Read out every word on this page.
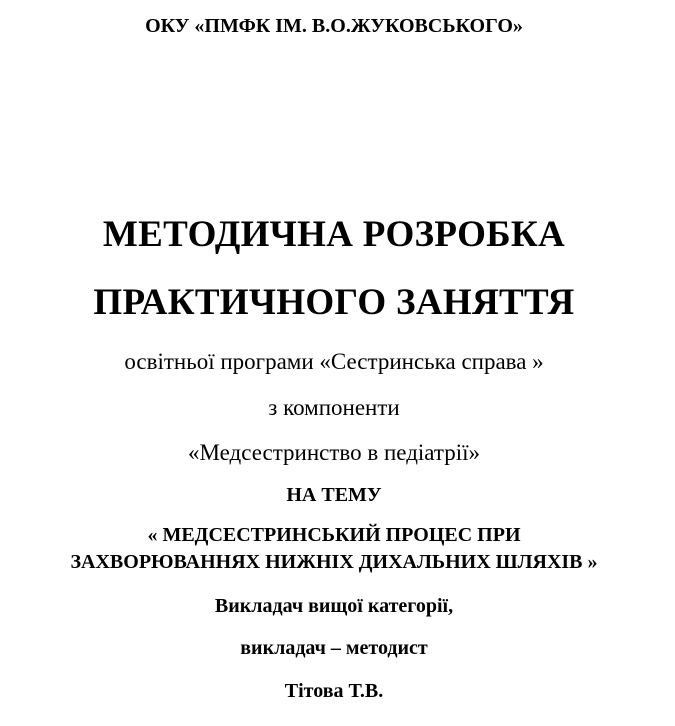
ОКУ «ПМФК ІМ. В.О.ЖУКОВСЬКОГО»
МЕТОДИЧНА РОЗРОБКА
ПРАКТИЧНОГО ЗАНЯТТЯ
освітньої програми «Сестринська справа »
з компоненти
«Медсестринство в педіатрії»
НА ТЕМУ
« МЕДСЕСТРИНСЬКИЙ ПРОЦЕС ПРИ
ЗАХВОРЮВАННЯХ НИЖНІХ ДИХАЛЬНИХ ШЛЯХІВ »
Викладач вищої категорії,
викладач – методист
Тітова Т.В.
